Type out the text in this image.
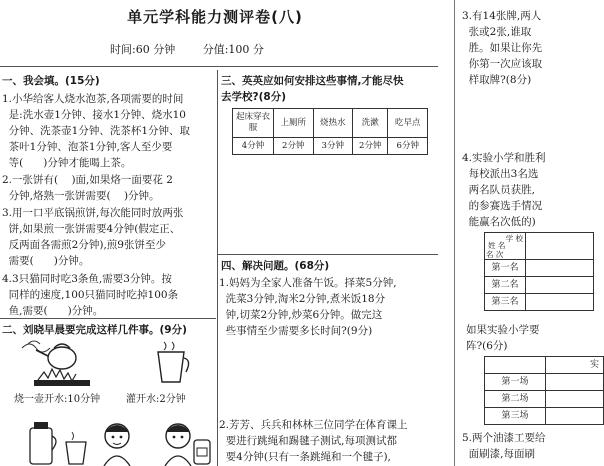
单元学科能力测评卷(八)
时间:60 分钟	分值:100 分
一、我会填。(15分)
1.小华给客人烧水泡茶,各项需要的时间
是:洗水壶1分钟、接水1分钟、烧水10
分钟、洗茶壶1分钟、洗茶杯1分钟、取
茶叶1分钟、泡茶1分钟,客人至少要
等(      )分钟才能喝上茶。
2.一张饼有(    )面,如果烙一面要花 2
分钟,烙熟一张饼需要(    )分钟。
3.用一口平底锅煎饼,每次能同时放两张
饼,如果煎一张饼需要4分钟(假定正、
反两面各需煎2分钟),煎9张饼至少
需要(      )分钟。
4.3只猫同时吃3条鱼,需要3分钟。按
同样的速度,100只猫同时吃掉100条
鱼,需要(      )分钟。
二、刘晓早晨要完成这样几件事。(9分)
烧一壶开水:10分钟	灌开水:2分钟
三、英英应如何安排这些事情,才能尽快
去学校?(8分)
起床穿衣服	上厕所	烧热水	洗漱	吃早点
4分钟	2分钟	3分钟	2分钟	6分钟
四、解决问题。(68分)
1.妈妈为全家人准备午饭。择菜5分钟,
洗菜3分钟,淘米2分钟,煮米饭18分
钟,切菜2分钟,炒菜6分钟。做完这
些事情至少需要多长时间?(9分)
2.芳芳、兵兵和林林三位同学在体育课上
要进行跳绳和踢毽子测试,每项测试都
要4分钟(只有一条跳绳和一个毽子),
3.有14张牌,两人
张或2张,谁取
胜。如果让你先
你第一次应该取
样取牌?(8分)
4.实验小学和胜利
每校派出3名选
两名队员获胜,
的参赛选手情况
能赢名次低的)
学 校
姓 名
名 次	

第一名	
第二名	
第三名	
如果实验小学要
阵?(6分)
	实
第一场	
第二场	
第三场	
5.两个油漆工要给
面刷漆,每面刷
